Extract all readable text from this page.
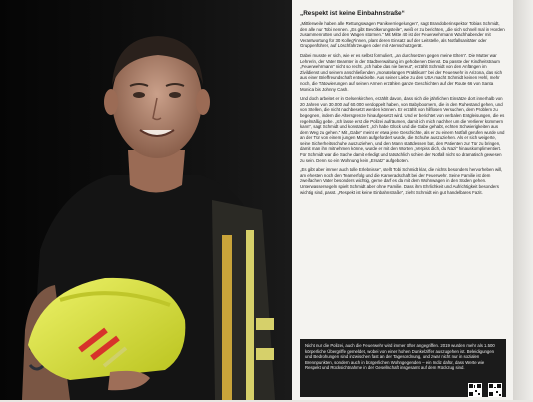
„Respekt ist keine Einbahnstraße“

„Mittlerweile haben alle Rettungswagen Panikverriegelungen“, sagt Brandoberinspektor Tobias Schmidt, den alle nur Tobi nennen. „Es gibt Bevölkerungsteile“, weiß er zu berichten, „die sich schnell mal in Horden zusammenrotten und den Wagen stürmen.“ Mit Mitte 40 ist der Feuerwehrmann Wachhabender mit Verantwortung für 30 Kolleg*innen, plant deren Einsatz auf der Leitstelle, als Notfallsanitäter oder Gruppenführer, auf Löschfahrzeugen oder mit Atemschutzgerät.

Dabei musste er sich, wie er es selbst formuliert, „an durchsetzen gegen meine Eltern“. Die Mutter war Lehrerin, der Vater Beamter in der Stadtverwaltung im gehobenen Dienst. Da passte der Kindheitstraum „Feuerwehrmann“ nicht so recht. „Ich habe das nie bereut“, erzählt Schmidt von den Anfängen im Zivildienst und seinem anschließenden „monatelangen Praktikum“ bei der Feuerwehr in Arizona, das sich aus einer Brieffreundschaft entwickelte. Aus seiner Liebe zu den USA macht Schmidt keinen Hehl, mehr noch, die Tätowierungen auf seinen Armen erzählen ganze Geschichten auf der Route 66 von Santa Monica bis Johnny Cash.

Und doch arbeitet er in Gelsenkirchen, erzählt davon, dass sich die jährlichen Einsätze dort innerhalb von 20 Jahren von 30.000 auf 60.000 verdoppelt haben, von Babyboomern, die in den Ruhestand gehen, und von Stellen, die nicht nachbesetzt werden können. Er erzählt von hilflosen Versuchen, dem Problem zu begegnen, indem die Altersgrenze hinaufgesetzt wird. Und er berichtet von verbalen Entgleisungen, die es regelmäßig gebe. „Ich lasse erst die Polizei aufräumen, damit ich mich nachher um die Verlierer kümmern kann“, sagt Schmidt und konstatiert: „Ich habe Glück und die Gabe gehabt, echten Schwierigkeiten aus dem Weg zu gehen.“ Mit „Gabe“ meint er etwa jene Geschichte, als er zu einem Notfall gerufen wurde und an der Tür von einem jungen Mann aufgefordert wurde, die Schuhe auszuziehen. Als er sich weigerte, seine Sicherheitsschuhe auszuziehen, und den Mann stattdessen bat, den Patienten zur Tür zu bringen, damit man ihn mitnehmen könne, wurde er mit den Worten „Verpiss dich, du Nazi“ hinauskomplimentiert. Für Schmidt war die Sache damit erledigt und tatsächlich schien der Notfall nicht so dramatisch gewesen zu sein. Denn so ein Wohnung kein „Ersatz“ aufgeboten.

„Es gibt aber immer auch tolle Erlebnisse“, stellt Tobi Schmidt klar, die nichts besonders hervorheben will, am ehesten noch den Teamerfolg und die Kameradschaft bei der Feuerwehr. Seine Familie ist dem zweifachen Vater besonders wichtig, gerne darf es da mit dem Wohnwagen in den Süden gehen. Unterwassersegeln spielt Schmidt aber ohne Familie. Dass ihm Ehrlichkeit und Aufrichtigkeit besonders wichtig sind, passt. „Respekt ist keine Einbahnstraße“, zieht Schmidt ein gut handelbares Fazit.

Nicht nur die Polizei, auch die Feuerwehr wird immer öfter angegriffen. 2019 wurden mehr als 1.500 körperliche Übergriffe gemeldet, wobei von einer hohen Dunkelziffer auszugehen ist. Beleidigungen und Bedrohungen sind inzwischen fast an der Tagesordnung, und zwar nicht nur in sozialen Brennpunkten, sondern auch in bürgerlichen Wohngegenden – ein Indiz dafür, dass Werte wie Respekt und Rücksichtnahme in der Gesellschaft insgesamt auf dem Rückzug sind.
